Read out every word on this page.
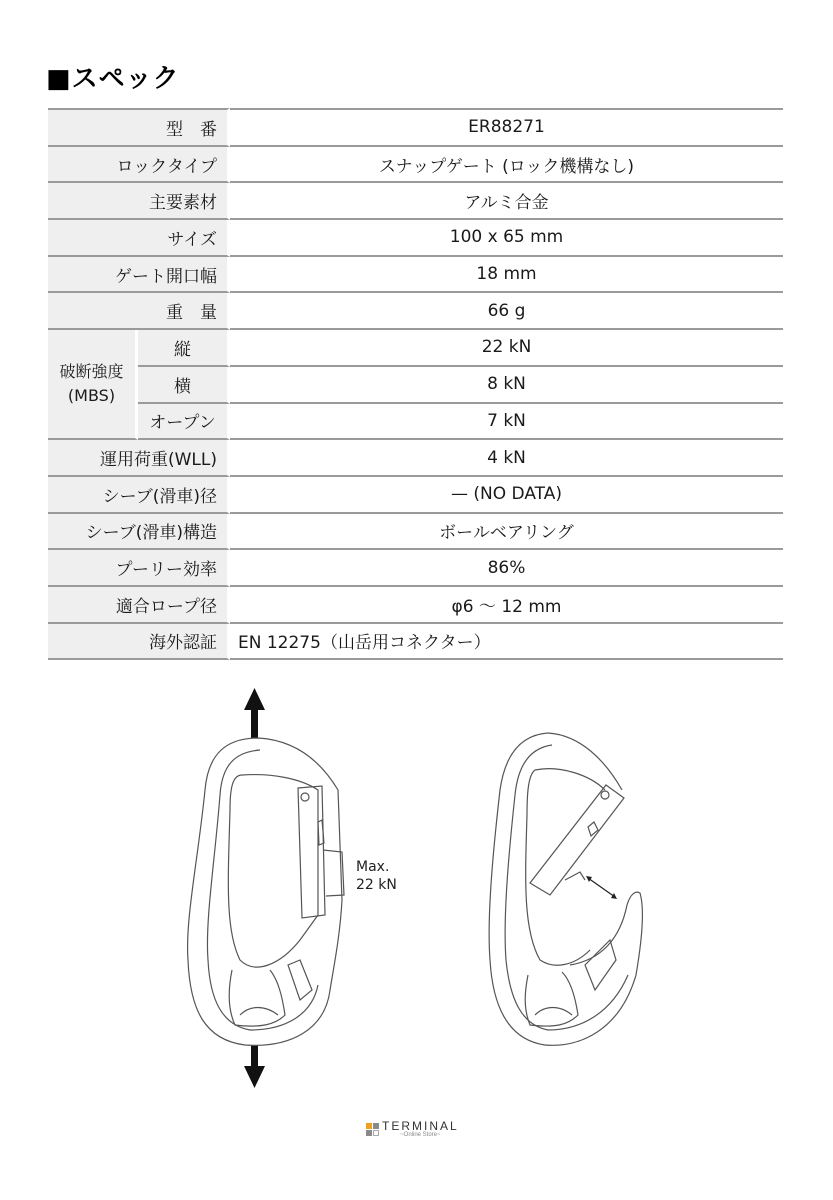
■スペック
型　番		ER88271
ロックタイプ		スナップゲート (ロック機構なし)
主要素材		アルミ合金
サイズ		100 x 65 mm
ゲート開口幅		18 mm
重　量		66 g

破断強度
(MBS)	縦	22 kN
	横	8 kN
	オープン	7 kN
運用荷重(WLL)		4 kN
シーブ(滑車)径		— (NO DATA)
シーブ(滑車)構造		ボールベアリング
プーリー効率		86%
適合ロープ径		φ6 〜 12 mm
海外認証		EN 12275（山岳用コネクター）
Max.
22 kN
TERMINAL
~Online Store~
